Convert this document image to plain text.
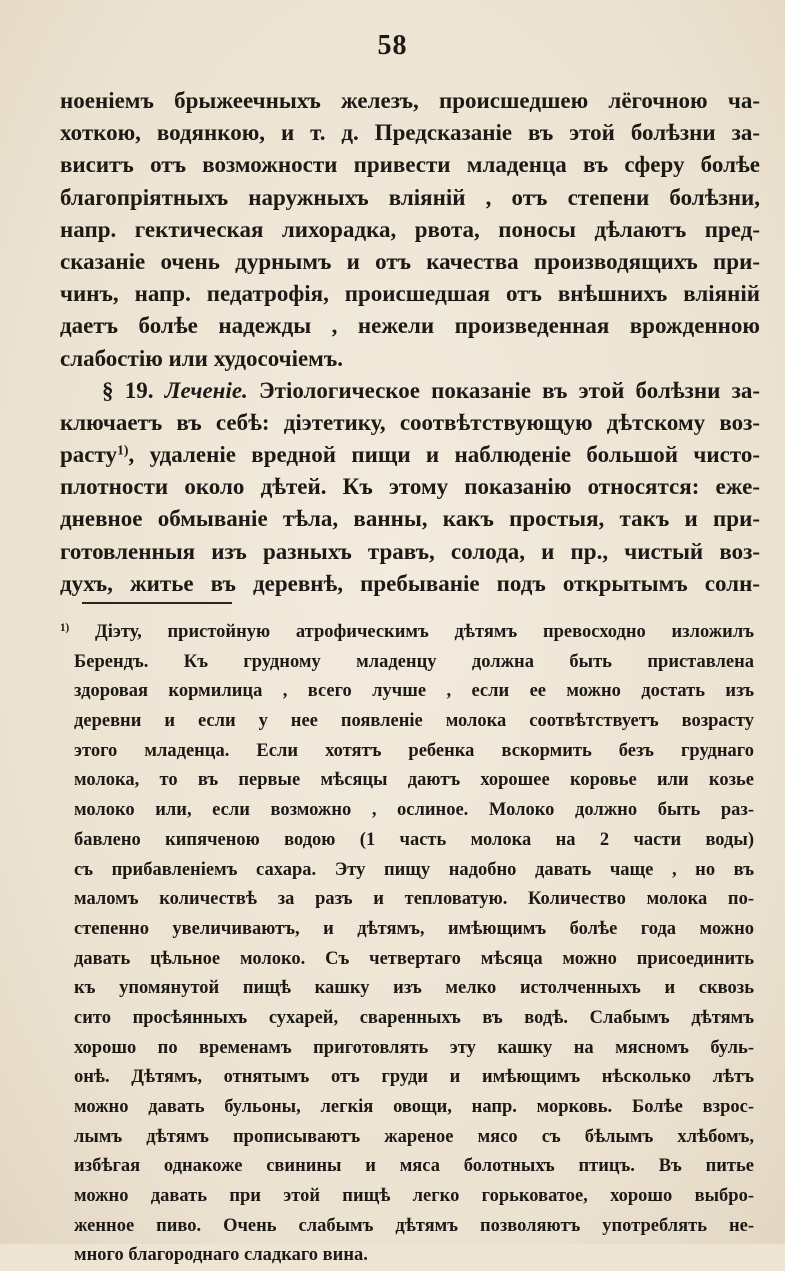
58
ноенiемъ брыжеечныхъ железъ, происшедшею лёгочною ча-
хоткою, водянкою, и т. д. Предсказанiе въ этой болѣзни за-
виситъ отъ возможности привести младенца въ сферу болѣе
благопрiятныхъ наружныхъ влiянiй , отъ степени болѣзни,
напр. гектическая лихорадка, рвота, поносы дѣлаютъ пред-
сказанiе очень дурнымъ и отъ качества производящихъ при-
чинъ, напр. педатрофiя, происшедшая отъ внѣшнихъ влiянiй
даетъ болѣе надежды , нежели произведенная врожденною
слабостiю или худосочiемъ.
§ 19. Леченiе. Этiологическое показанiе въ этой болѣзни за-
ключаетъ въ себѣ: дiэтетику, соотвѣтствующую дѣтскому воз-
расту$^{1)}$, удаленiе вредной пищи и наблюденiе большой чисто-
плотности около дѣтей. Къ этому показанiю относятся: еже-
дневное обмыванiе тѣла, ванны, какъ простыя, такъ и при-
готовленныя изъ разныхъ травъ, солода, и пр., чистый воз-
духъ, житье въ деревнѣ, пребыванiе подъ открытымъ солн-
$^{1)}$ Дiэту, пристойную атрофическимъ дѣтямъ превосходно изложилъ
Берендъ. Къ грудному младенцу должна быть приставлена
здоровая кормилица , всего лучше , если ее можно достать изъ
деревни и если у нее появленiе молока соотвѣтствуетъ возрасту
этого младенца. Если хотятъ ребенка вскормить безъ груднаго
молока, то въ первые мѣсяцы даютъ хорошее коровье или козье
молоко или, если возможно , ослиное. Молоко должно быть раз-
бавлено кипяченою водою (1 часть молока на 2 части воды)
съ прибавленiемъ сахара. Эту пищу надобно давать чаще , но въ
маломъ количествѣ за разъ и тепловатую. Количество молока по-
степенно увеличиваютъ, и дѣтямъ, имѣющимъ болѣе года можно
давать цѣльное молоко. Съ четвертаго мѣсяца можно присоединить
къ упомянутой пищѣ кашку изъ мелко истолченныхъ и сквозь
сито просѣянныхъ сухарей, сваренныхъ въ водѣ. Слабымъ дѣтямъ
хорошо по временамъ приготовлять эту кашку на мясномъ буль-
онѣ. Дѣтямъ, отнятымъ отъ груди и имѣющимъ нѣсколько лѣтъ
можно давать бульоны, легкiя овощи, напр. морковь. Болѣе взрос-
лымъ дѣтямъ прописываютъ жареное мясо съ бѣлымъ хлѣбомъ,
избѣгая однакоже свинины и мяса болотныхъ птицъ. Въ питье
можно давать при этой пищѣ легко горьковатое, хорошо выбро-
женное пиво. Очень слабымъ дѣтямъ позволяютъ употреблять не-
много благороднаго сладкаго вина.
